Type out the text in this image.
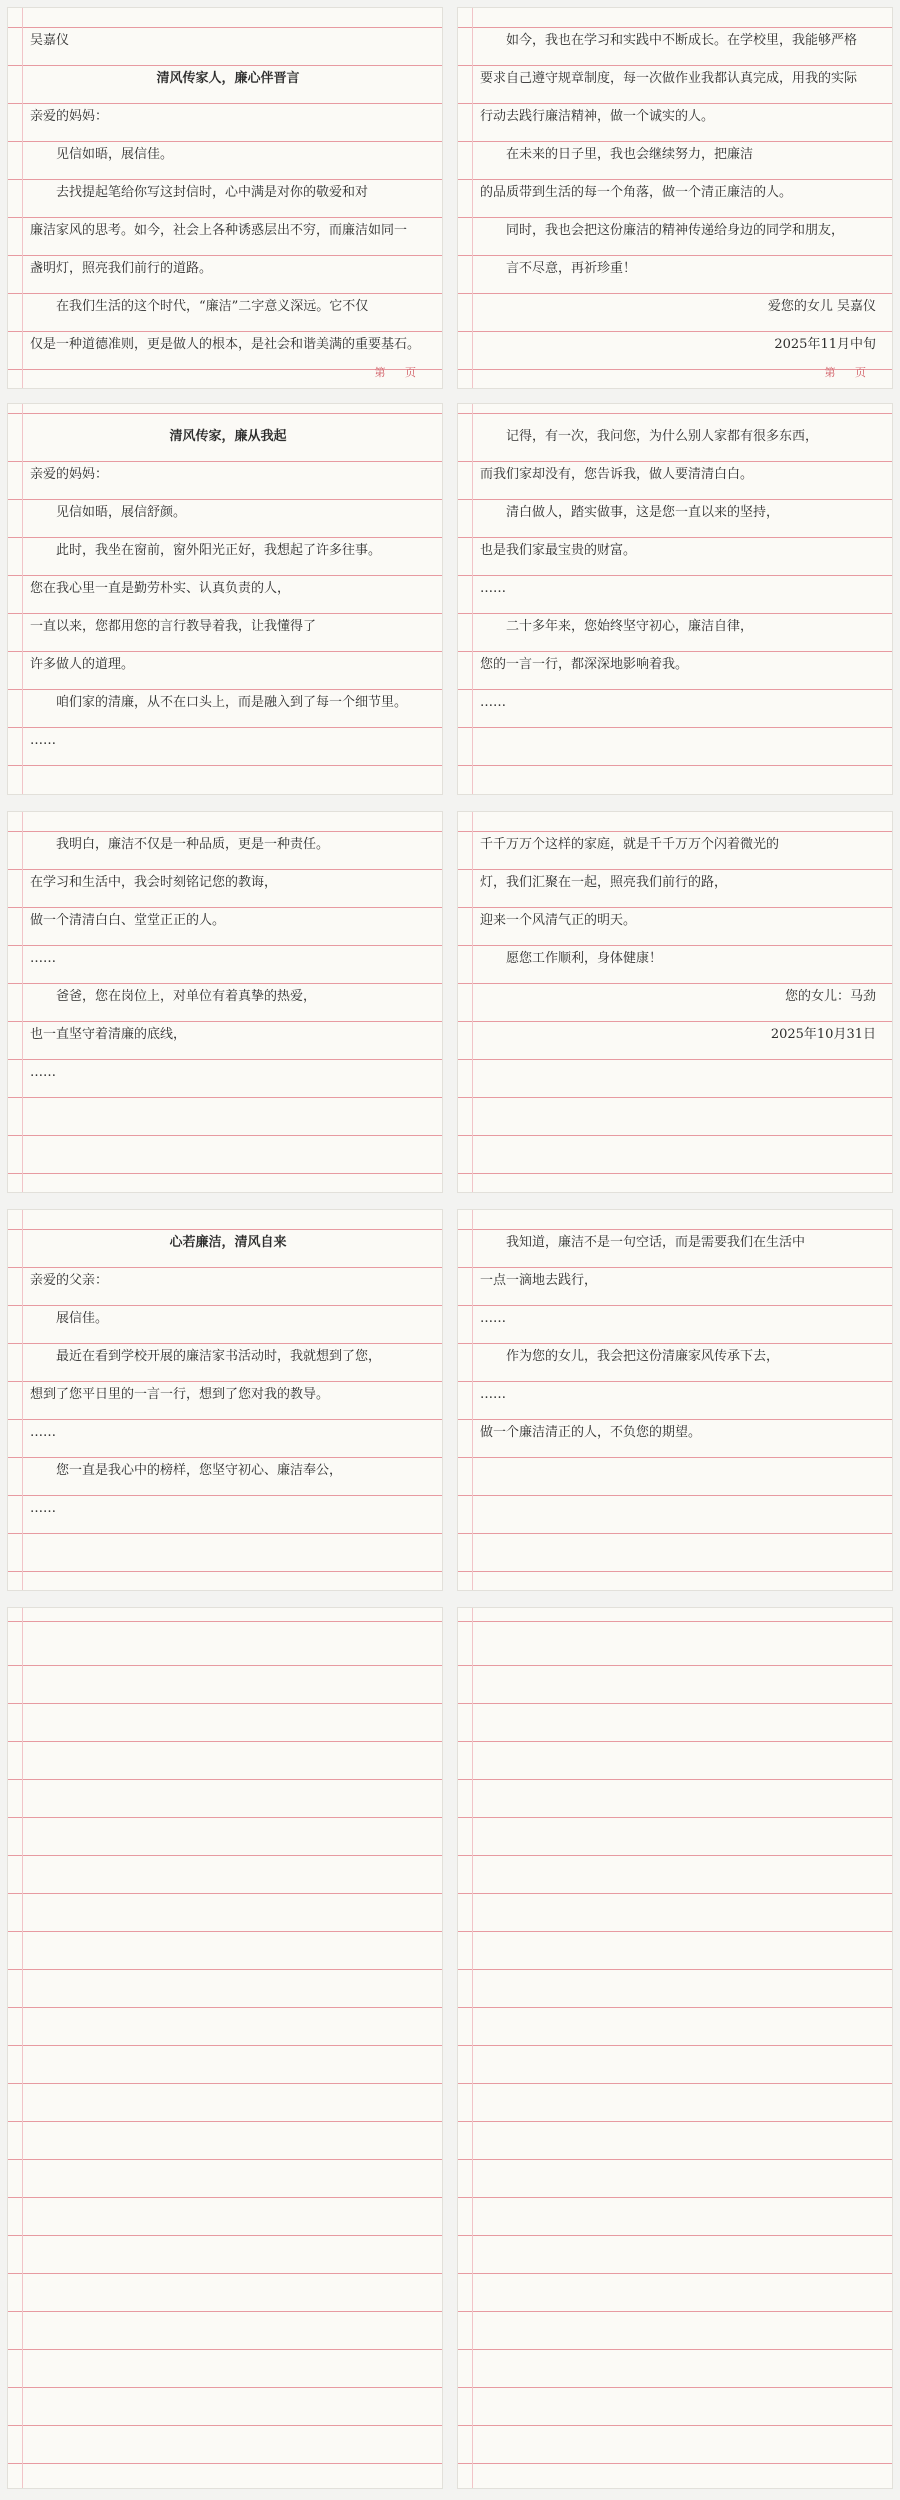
吴嘉仪
清风传家人，廉心伴晋言
亲爱的妈妈：
见信如晤，展信佳。
去找提起笔给你写这封信时，心中满是对你的敬爱和对
廉洁家风的思考。如今，社会上各种诱惑层出不穷，而廉洁如同一
盏明灯，照亮我们前行的道路。
在我们生活的这个时代，“廉洁”二字意义深远。它不仅
仅是一种道德准则，更是做人的根本，是社会和谐美满的重要基石。
第 页
如今，我也在学习和实践中不断成长。在学校里，我能够严格
要求自己遵守规章制度，每一次做作业我都认真完成，用我的实际
行动去践行廉洁精神，做一个诚实的人。
在未来的日子里，我也会继续努力，把廉洁
的品质带到生活的每一个角落，做一个清正廉洁的人。
同时，我也会把这份廉洁的精神传递给身边的同学和朋友，
言不尽意，再祈珍重！
爱您的女儿 吴嘉仪
2025年11月中旬
第 页
清风传家，廉从我起
亲爱的妈妈：
见信如晤，展信舒颜。
此时，我坐在窗前，窗外阳光正好，我想起了许多往事。
您在我心里一直是勤劳朴实、认真负责的人，
一直以来，您都用您的言行教导着我，让我懂得了
许多做人的道理。
咱们家的清廉，从不在口头上，而是融入到了每一个细节里。
……
记得，有一次，我问您，为什么别人家都有很多东西，
而我们家却没有，您告诉我，做人要清清白白。
清白做人，踏实做事，这是您一直以来的坚持，
也是我们家最宝贵的财富。
……
二十多年来，您始终坚守初心，廉洁自律，
您的一言一行，都深深地影响着我。
……
我明白，廉洁不仅是一种品质，更是一种责任。
在学习和生活中，我会时刻铭记您的教诲，
做一个清清白白、堂堂正正的人。
……
爸爸，您在岗位上，对单位有着真挚的热爱，
也一直坚守着清廉的底线，
……
千千万万个这样的家庭，就是千千万万个闪着微光的
灯，我们汇聚在一起，照亮我们前行的路，
迎来一个风清气正的明天。
愿您工作顺利，身体健康！
您的女儿：马劲
2025年10月31日
心若廉洁，清风自来
亲爱的父亲：
展信佳。
最近在看到学校开展的廉洁家书活动时，我就想到了您，
想到了您平日里的一言一行，想到了您对我的教导。
……
您一直是我心中的榜样，您坚守初心、廉洁奉公，
……
我知道，廉洁不是一句空话，而是需要我们在生活中
一点一滴地去践行，
……
作为您的女儿，我会把这份清廉家风传承下去，
……
做一个廉洁清正的人，不负您的期望。
